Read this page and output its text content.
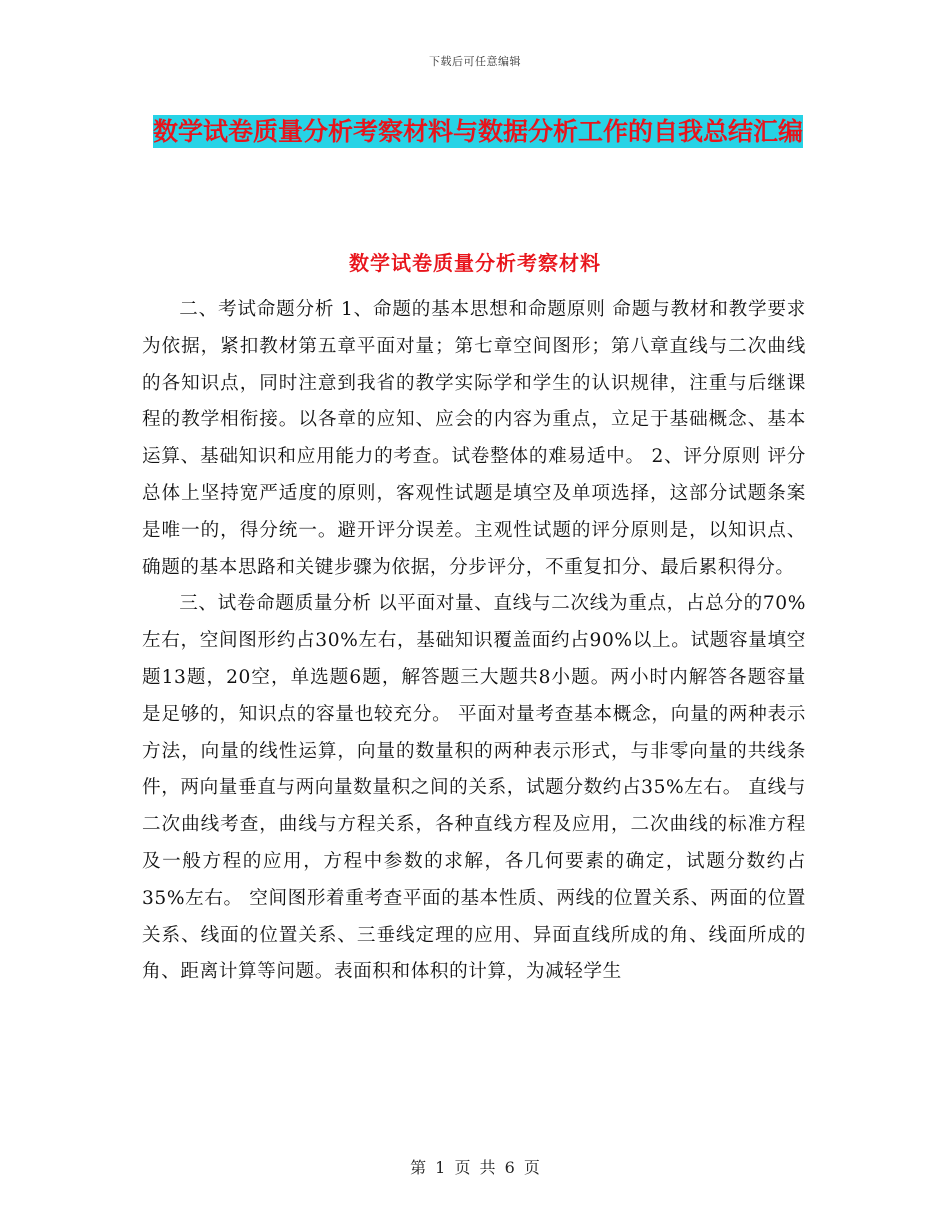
下载后可任意编辑
数学试卷质量分析考察材料与数据分析工作的自我总结汇编
数学试卷质量分析考察材料

二、考试命题分析 1、命题的基本思想和命题原则 命题与教材和教学要求为依据，紧扣教材第五章平面对量；第七章空间图形；第八章直线与二次曲线的各知识点，同时注意到我省的教学实际学和学生的认识规律，注重与后继课程的教学相衔接。以各章的应知、应会的内容为重点，立足于基础概念、基本运算、基础知识和应用能力的考查。试卷整体的难易适中。 2、评分原则 评分总体上坚持宽严适度的原则，客观性试题是填空及单项选择，这部分试题条案是唯一的，得分统一。避开评分误差。主观性试题的评分原则是，以知识点、确题的基本思路和关键步骤为依据，分步评分，不重复扣分、最后累积得分。

三、试卷命题质量分析 以平面对量、直线与二次线为重点，占总分的70%左右，空间图形约占30%左右，基础知识覆盖面约占90%以上。试题容量填空题13题，20空，单选题6题，解答题三大题共8小题。两小时内解答各题容量是足够的，知识点的容量也较充分。 平面对量考查基本概念，向量的两种表示方法，向量的线性运算，向量的数量积的两种表示形式，与非零向量的共线条件，两向量垂直与两向量数量积之间的关系，试题分数约占35%左右。 直线与二次曲线考查，曲线与方程关系，各种直线方程及应用，二次曲线的标准方程及一般方程的应用，方程中参数的求解，各几何要素的确定，试题分数约占35%左右。 空间图形着重考查平面的基本性质、两线的位置关系、两面的位置关系、线面的位置关系、三垂线定理的应用、异面直线所成的角、线面所成的角、距离计算等问题。表面积和体积的计算，为减轻学生

第 1 页 共 6 页
